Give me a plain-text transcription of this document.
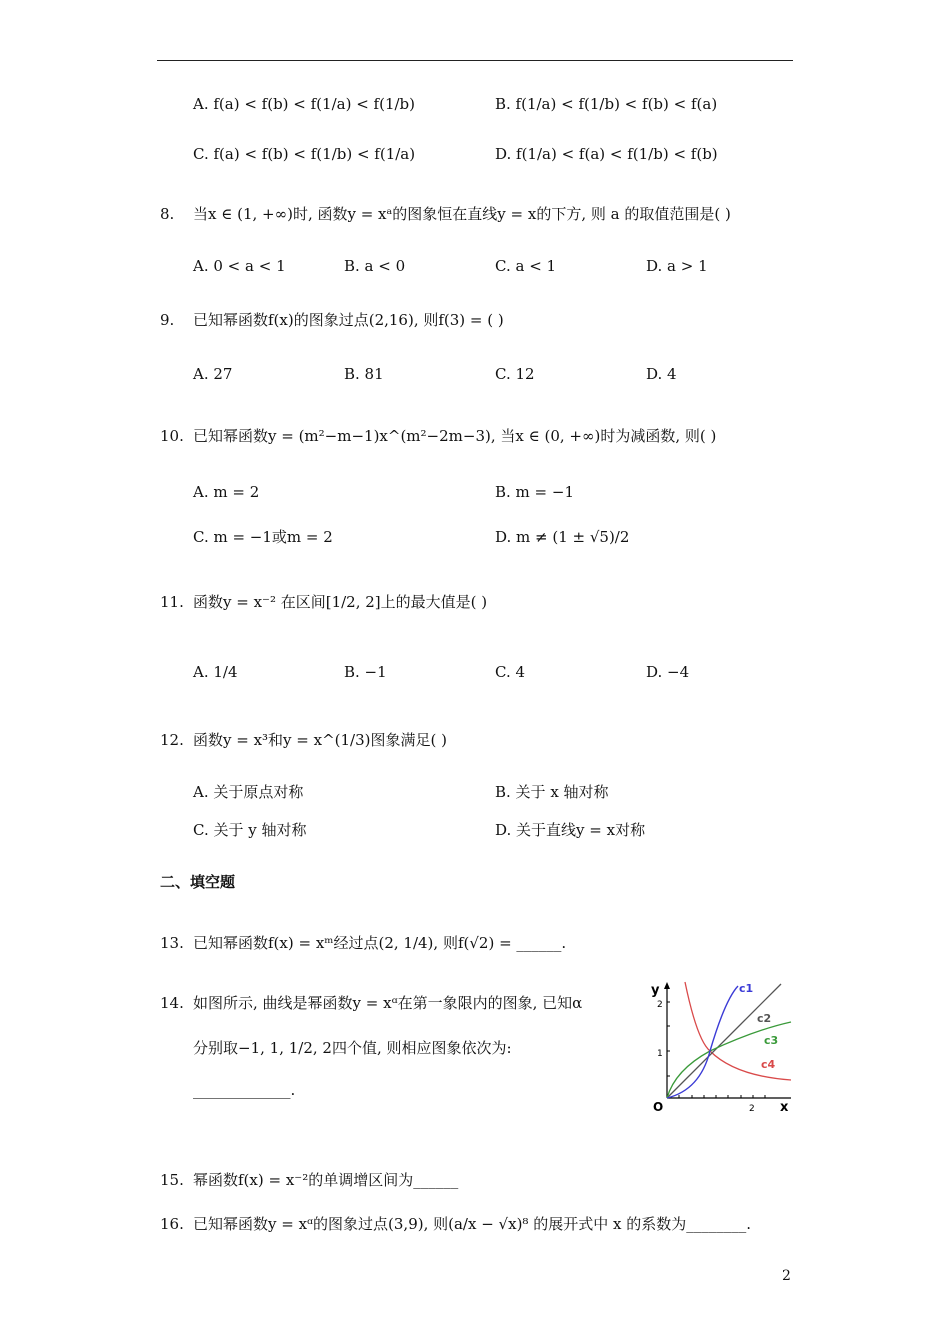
A. f(a) < f(b) < f(1/a) < f(1/b)	B. f(1/a) < f(1/b) < f(b) < f(a)
C. f(a) < f(b) < f(1/b) < f(1/a)	D. f(1/a) < f(a) < f(1/b) < f(b)
8. 当x ∈ (1, +∞)时, 函数y = xᵃ的图象恒在直线y = x的下方, 则 a 的取值范围是( )
A. 0 < a < 1	B. a < 0	C. a < 1	D. a > 1
9. 已知幂函数f(x)的图象过点(2,16), 则f(3) = ( )
A. 27	B. 81	C. 12	D. 4
10. 已知幂函数y = (m²−m−1)x^(m²−2m−3), 当x ∈ (0, +∞)时为减函数, 则( )
A. m = 2	B. m = −1
C. m = −1或m = 2	D. m ≠ (1 ± √5)/2
11. 函数y = x⁻² 在区间[1/2, 2]上的最大值是( )
A. 1/4	B. −1	C. 4	D. −4
12. 函数y = x³和y = x^(1/3)图象满足( )
A. 关于原点对称	B. 关于 x 轴对称
C. 关于 y 轴对称	D. 关于直线y = x对称
二、填空题
13. 已知幂函数f(x) = xᵐ经过点(2, 1/4), 则f(√2) = ______.
14. 如图所示, 曲线是幂函数y = xᵅ在第一象限内的图象, 已知α
分别取−1, 1, 1/2, 2四个值, 则相应图象依次为:
_____________.
y
x
O
1
2
2
c1
c2
c3
c4
15. 幂函数f(x) = x⁻²的单调增区间为______
16. 已知幂函数y = xᵅ的图象过点(3,9), 则(a/x − √x)⁸ 的展开式中 x 的系数为________.
2
